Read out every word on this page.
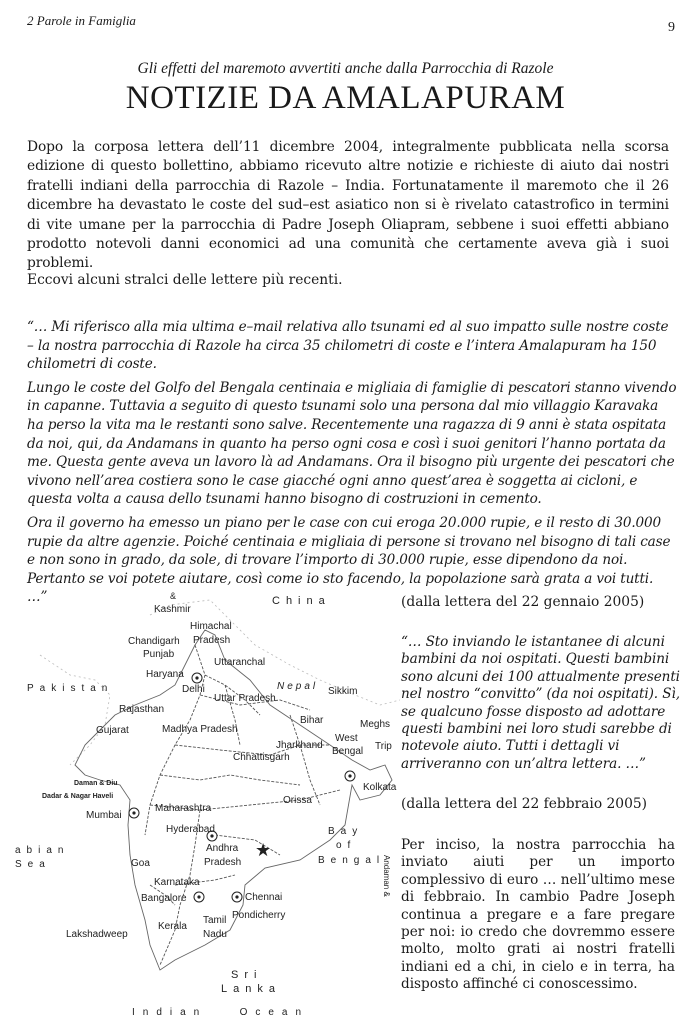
2 Parole in Famiglia	9
Gli effetti del maremoto avvertiti anche dalla Parrocchia di Razole
NOTIZIE DA AMALAPURAM
Dopo la corposa lettera dell’11 dicembre 2004, integralmente pubblicata nella scorsa edizione di questo bollettino, abbiamo ricevuto altre notizie e richieste di aiuto dai nostri fratelli indiani della parrocchia di Razole – India. Fortunatamente il maremoto che il 26 dicembre ha devastato le coste del sud–est asiatico non si è rivelato catastrofico in termini di vite umane per la parrocchia di Padre Joseph Oliapram, sebbene i suoi effetti abbiano prodotto notevoli danni economici ad una comunità che certamente aveva già i suoi problemi.
Eccovi alcuni stralci delle lettere più recenti.

“… Mi riferisco alla mia ultima e–mail relativa allo tsunami ed al suo impatto sulle nostre coste – la nostra parrocchia di Razole ha circa 35 chilometri di coste e l’intera Amalapuram ha 150 chilometri di coste.

Lungo le coste del Golfo del Bengala centinaia e migliaia di famiglie di pescatori stanno vivendo in capanne. Tuttavia a seguito di questo tsunami solo una persona dal mio villaggio Karavaka ha perso la vita ma le restanti sono salve. Recentemente una ragazza di 9 anni è stata ospitata da noi, qui, da Andamans in quanto ha perso ogni cosa e così i suoi genitori l’hanno portata da me. Questa gente aveva un lavoro là ad Andamans. Ora il bisogno più urgente dei pescatori che vivono nell’area costiera sono le case giacché ogni anno quest’area è soggetta ai cicloni, e questa volta a causa dello tsunami hanno bisogno di costruzioni in cemento.

Ora il governo ha emesso un piano per le case con cui eroga 20.000 rupie, e il resto di 30.000 rupie da altre agenzie. Poiché centinaia e migliaia di persone si trovano nel bisogno di tali case e non sono in grado, da sole, di trovare l’importo di 30.000 rupie, esse dipendono da noi. Pertanto se voi potete aiutare, così come io sto facendo, la popolazione sarà grata a voi tutti. …”	(dalla lettera del 22 gennaio 2005)
“… Sto inviando le istantanee di alcuni bambini da noi ospitati. Questi bambini sono alcuni dei 100 attualmente presenti nel nostro “convitto” (da noi ospitati). Sì, se qualcuno fosse disposto ad adottare questi bambini nei loro studi sarebbe di notevole aiuto. Tutti i dettagli vi arriveranno con un’altra lettera. …”
(dalla lettera del 22 febbraio 2005)
Per inciso, la nostra parrocchia ha inviato aiuti per un importo complessivo di euro … nell’ultimo mese di febbraio. In cambio Padre Joseph continua a pregare e a fare pregare per noi: io credo che dovremmo essere molto, molto grati ai nostri fratelli indiani ed a chi, in cielo e in terra, ha disposto affinché ci conoscessimo.
★
China
Pakistan	Nepal
Sri
Lanka
abian
Sea
Bay
of
Bengal
Indian   Ocean
&
Kashmir
Himachal
Pradesh
Chandigarh
Punjab
Haryana
Uttaranchal
Delhi
Uttar Pradesh
Sikkim
Rajasthan
Bihar	Meghs
West
Bengal Trip
Gujarat	Madhya Pradesh
Jharkhand
Chhattisgarh
Daman & Diu
Dadar & Nagar Haveli
Maharashtra
Mumbai
Kolkata
Orissa
Hyderabad
Andhra
Pradesh
Goa
Karnataka
Bangalore	Chennai
Pondicherry
Kerala
Tamil
Nadu
Lakshadweep
Andaman &
